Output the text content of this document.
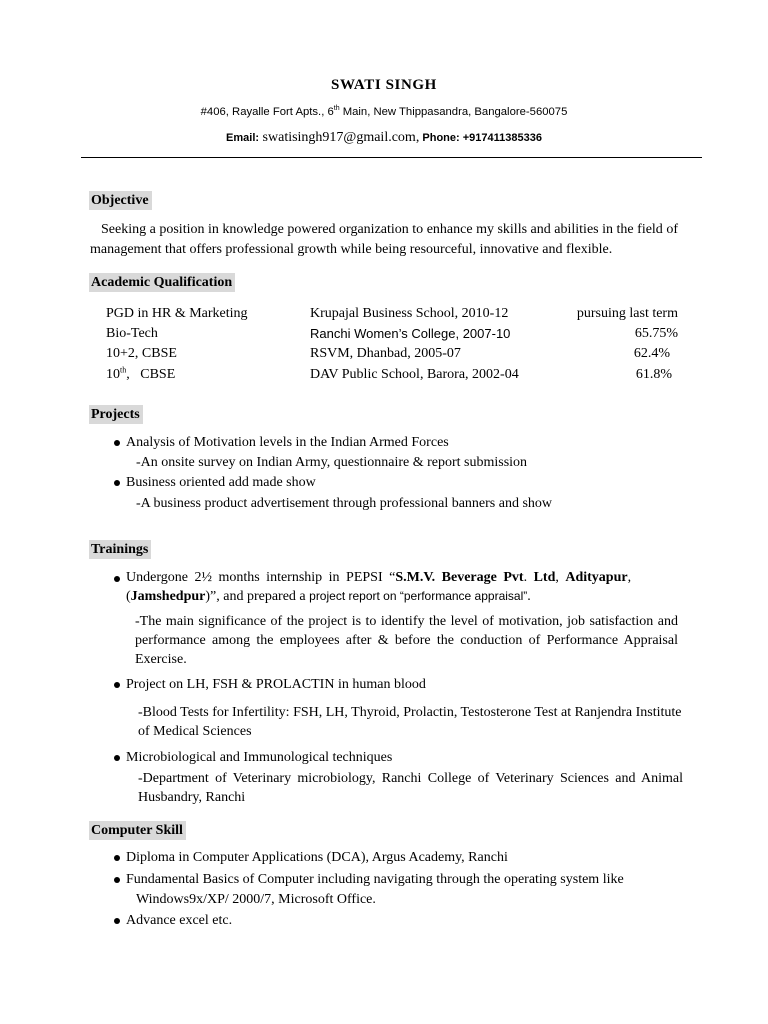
SWATI SINGH
#406, Rayalle Fort Apts., 6th Main, New Thippasandra, Bangalore-560075
Email: swatisingh917@gmail.com, Phone: +917411385336
Objective
Seeking a position in knowledge powered organization to enhance my skills and abilities in the field of management that offers professional growth while being resourceful, innovative and flexible.
Academic Qualification
PGD in HR & Marketing	Krupajal Business School, 2010-12	pursuing last term
Bio-Tech	Ranchi Women’s College, 2007-10	65.75%
10+2, CBSE	RSVM, Dhanbad, 2005-07	62.4%
10th,   CBSE	DAV Public School, Barora, 2002-04	61.8%
Projects
Analysis of Motivation levels in the Indian Armed Forces
-An onsite survey on Indian Army, questionnaire & report submission
Business oriented add made show
-A business product advertisement through professional banners and show
Trainings
Undergone 2½ months internship in PEPSI “S.M.V. Beverage Pvt. Ltd, Adityapur,
(Jamshedpur)”, and prepared a project report on “performance appraisal”.
-The main significance of the project is to identify the level of motivation, job satisfaction and performance among the employees after & before the conduction of Performance Appraisal Exercise.
Project on LH, FSH & PROLACTIN in human blood
-Blood Tests for Infertility: FSH, LH, Thyroid, Prolactin, Testosterone Test at Ranjendra Institute of Medical Sciences
Microbiological and Immunological techniques
-Department of Veterinary microbiology, Ranchi College of Veterinary Sciences and Animal Husbandry, Ranchi
Computer Skill
Diploma in Computer Applications (DCA), Argus Academy, Ranchi
Fundamental Basics of Computer including navigating through the operating system like
Windows9x/XP/ 2000/7, Microsoft Office.
Advance excel etc.
